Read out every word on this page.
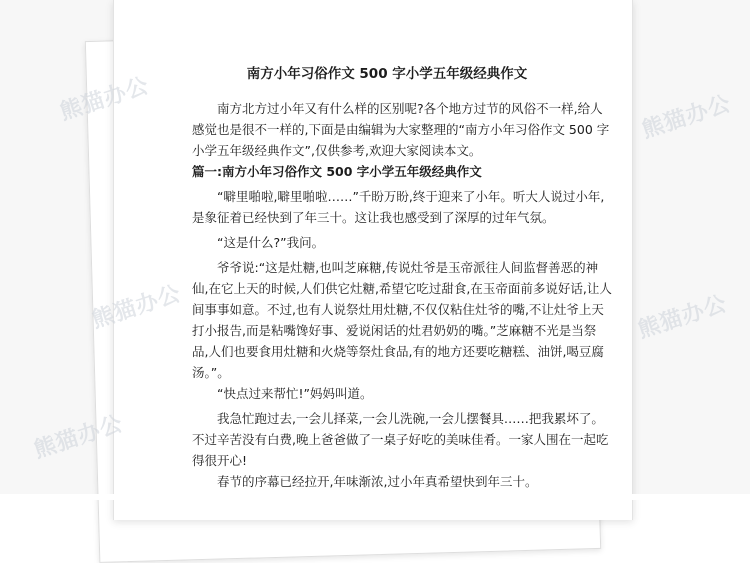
熊猫办公
熊猫办公
熊猫办公
熊猫办公
熊猫办公
南方小年习俗作文 500 字小学五年级经典作文

南方北方过小年又有什么样的区别呢?各个地方过节的风俗不一样,给人感觉也是很不一样的,下面是由编辑为大家整理的“南方小年习俗作文 500 字小学五年级经典作文”,仅供参考,欢迎大家阅读本文。

篇一:南方小年习俗作文 500 字小学五年级经典作文

“噼里啪啦,噼里啪啦……”千盼万盼,终于迎来了小年。听大人说过小年,是象征着已经快到了年三十。这让我也感受到了深厚的过年气氛。

“这是什么?”我问。

爷爷说:“这是灶糖,也叫芝麻糖,传说灶爷是玉帝派往人间监督善恶的神仙,在它上天的时候,人们供它灶糖,希望它吃过甜食,在玉帝面前多说好话,让人间事事如意。不过,也有人说祭灶用灶糖,不仅仅粘住灶爷的嘴,不让灶爷上天打小报告,而是粘嘴馋好事、爱说闲话的灶君奶奶的嘴。”芝麻糖不光是当祭品,人们也要食用灶糖和火烧等祭灶食品,有的地方还要吃糖糕、油饼,喝豆腐汤。”。

“快点过来帮忙!”妈妈叫道。

我急忙跑过去,一会儿择菜,一会儿洗碗,一会儿摆餐具……把我累坏了。不过辛苦没有白费,晚上爸爸做了一桌子好吃的美味佳肴。一家人围在一起吃得很开心!

春节的序幕已经拉开,年味渐浓,过小年真希望快到年三十。
